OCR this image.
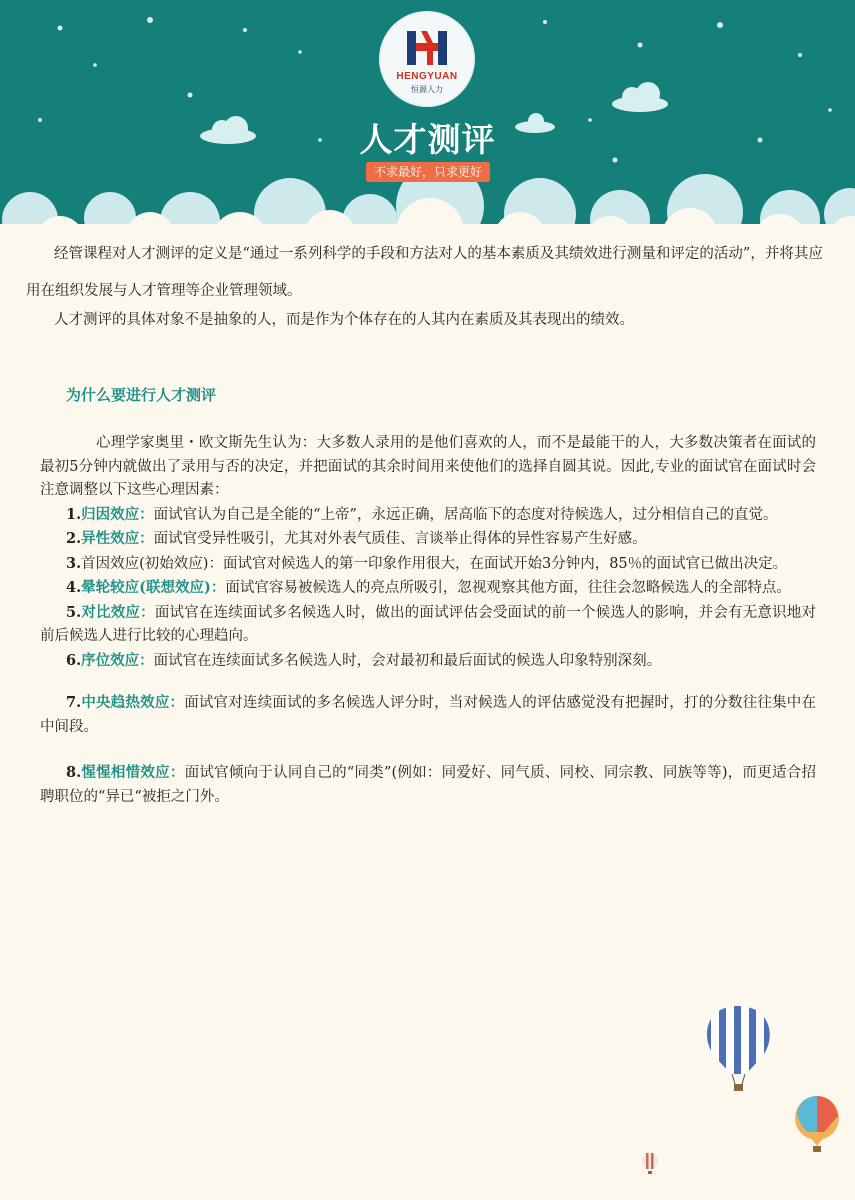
HENGYUAN
恒源人力
人才测评
不求最好，只求更好
经管课程对人才测评的定义是“通过一系列科学的手段和方法对人的基本素质及其绩效进行测量和评定的活动”，并将其应用在组织发展与人才管理等企业管理领域。
人才测评的具体对象不是抽象的人，而是作为个体存在的人其内在素质及其表现出的绩效。
为什么要进行人才测评

心理学家奥里・欧文斯先生认为：大多数人录用的是他们喜欢的人，而不是最能干的人，大多数决策者在面试的最初5分钟内就做出了录用与否的决定，并把面试的其余时间用来使他们的选择自圆其说。因此,专业的面试官在面试时会注意调整以下这些心理因素：

1.归因效应：面试官认为自己是全能的“上帝”，永远正确，居高临下的态度对待候选人，过分相信自己的直觉。

2.异性效应：面试官受异性吸引，尤其对外表气质佳、言谈举止得体的异性容易产生好感。

3.首因效应(初始效应)：面试官对候选人的第一印象作用很大，在面试开始3分钟内，85％的面试官已做出决定。

4.晕轮较应(联想效应)：面试官容易被候选人的亮点所吸引，忽视观察其他方面，往往会忽略候选人的全部特点。

5.对比效应：面试官在连续面试多名候选人时，做出的面试评估会受面试的前一个候选人的影响，并会有无意识地对前后候选人进行比较的心理趋向。

6.序位效应：面试官在连续面试多名候选人时，会对最初和最后面试的候选人印象特别深刻。

7.中央趋热效应：面试官对连续面试的多名候选人评分时，当对候选人的评估感觉没有把握时，打的分数往往集中在中间段。

8.惺惺相惜效应：面试官倾向于认同自己的“同类”(例如：同爱好、同气质、同校、同宗教、同族等等)，而更适合招聘职位的“异已“被拒之门外。
